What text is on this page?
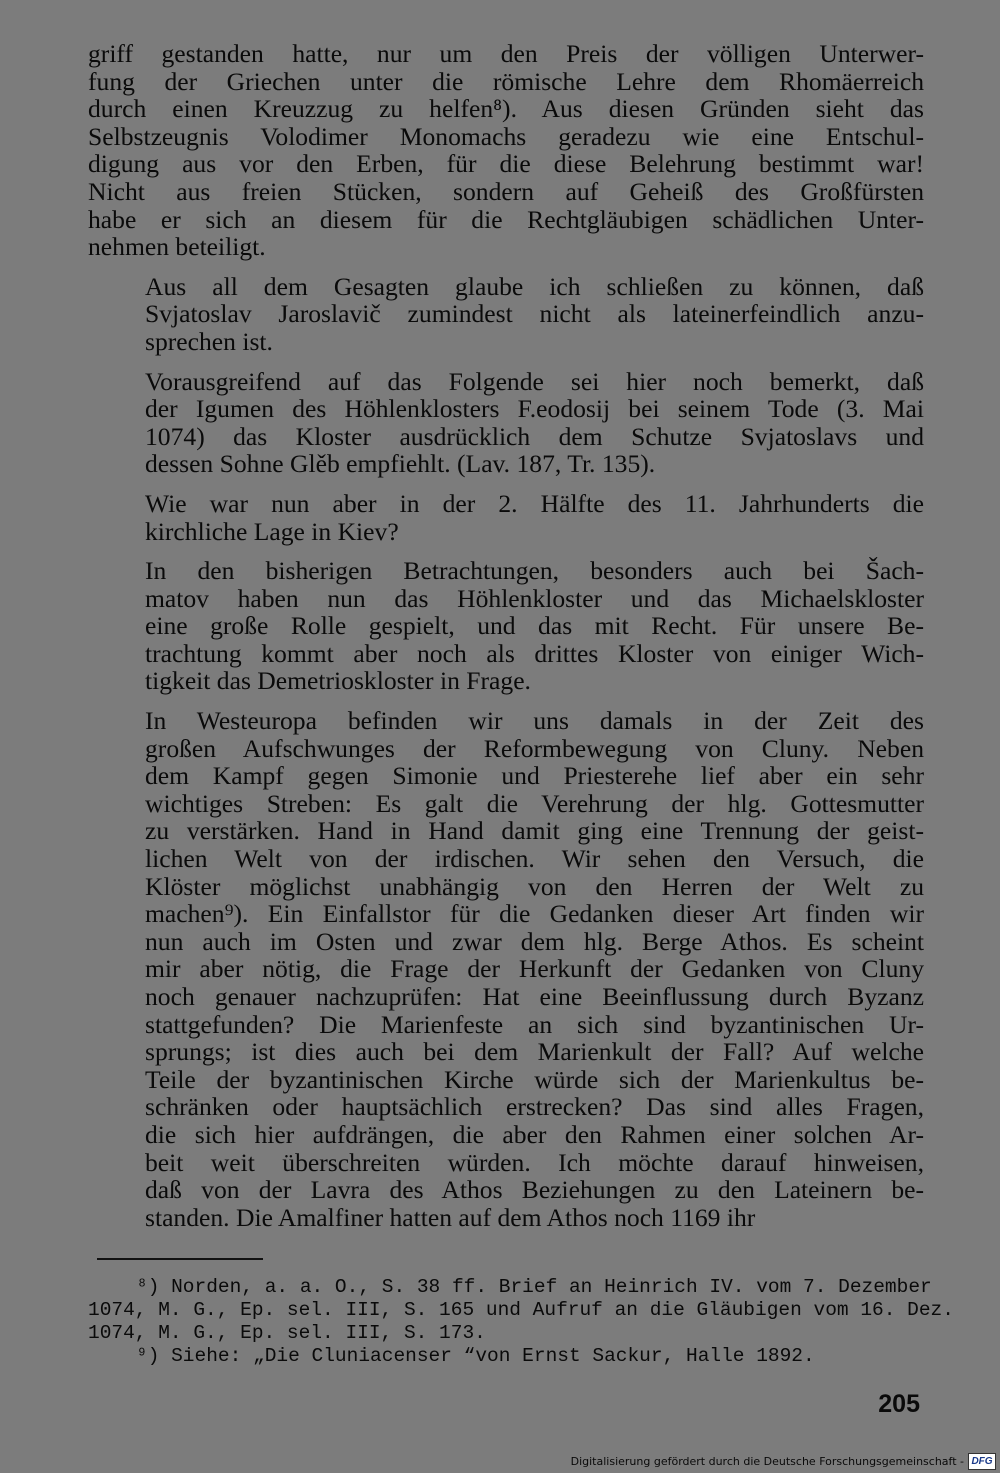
griff gestanden hatte, nur um den Preis der völligen Unterwer-
fung der Griechen unter die römische Lehre dem Rhomäerreich
durch einen Kreuzzug zu helfen⁸). Aus diesen Gründen sieht das
Selbstzeugnis Volodimer Monomachs geradezu wie eine Entschul-
digung aus vor den Erben, für die diese Belehrung bestimmt war!
Nicht aus freien Stücken, sondern auf Geheiß des Großfürsten
habe er sich an diesem für die Rechtgläubigen schädlichen Unter-
nehmen beteiligt.

Aus all dem Gesagten glaube ich schließen zu können, daß
Svjatoslav Jaroslavič zumindest nicht als lateinerfeindlich anzu-
sprechen ist.

Vorausgreifend auf das Folgende sei hier noch bemerkt, daß
der Igumen des Höhlenklosters F.eodosij bei seinem Tode (3. Mai
1074) das Kloster ausdrücklich dem Schutze Svjatoslavs und
dessen Sohne Glěb empfiehlt. (Lav. 187, Tr. 135).

Wie war nun aber in der 2. Hälfte des 11. Jahrhunderts die
kirchliche Lage in Kiev?

In den bisherigen Betrachtungen, besonders auch bei Šach-
matov haben nun das Höhlenkloster und das Michaelskloster
eine große Rolle gespielt, und das mit Recht. Für unsere Be-
trachtung kommt aber noch als drittes Kloster von einiger Wich-
tigkeit das Demetrioskloster in Frage.

In Westeuropa befinden wir uns damals in der Zeit des
großen Aufschwunges der Reformbewegung von Cluny. Neben
dem Kampf gegen Simonie und Priesterehe lief aber ein sehr
wichtiges Streben: Es galt die Verehrung der hlg. Gottesmutter
zu verstärken. Hand in Hand damit ging eine Trennung der geist-
lichen Welt von der irdischen. Wir sehen den Versuch, die
Klöster möglichst unabhängig von den Herren der Welt zu
machen⁹). Ein Einfallstor für die Gedanken dieser Art finden wir
nun auch im Osten und zwar dem hlg. Berge Athos. Es scheint
mir aber nötig, die Frage der Herkunft der Gedanken von Cluny
noch genauer nachzuprüfen: Hat eine Beeinflussung durch Byzanz
stattgefunden? Die Marienfeste an sich sind byzantinischen Ur-
sprungs; ist dies auch bei dem Marienkult der Fall? Auf welche
Teile der byzantinischen Kirche würde sich der Marienkultus be-
schränken oder hauptsächlich erstrecken? Das sind alles Fragen,
die sich hier aufdrängen, die aber den Rahmen einer solchen Ar-
beit weit überschreiten würden. Ich möchte darauf hinweisen,
daß von der Lavra des Athos Beziehungen zu den Lateinern be-
standen. Die Amalfiner hatten auf dem Athos noch 1169 ihr

⁸) Norden, a. a. O., S. 38 ff. Brief an Heinrich IV. vom 7. Dezember
1074, M. G., Ep. sel. III, S. 165 und Aufruf an die Gläubigen vom 16. Dez.
1074, M. G., Ep. sel. III, S. 173.
⁹) Siehe: „Die Cluniacenser “von Ernst Sackur, Halle 1892.
205
Digitalisierung gefördert durch die Deutsche Forschungsgemeinschaft - DFG
